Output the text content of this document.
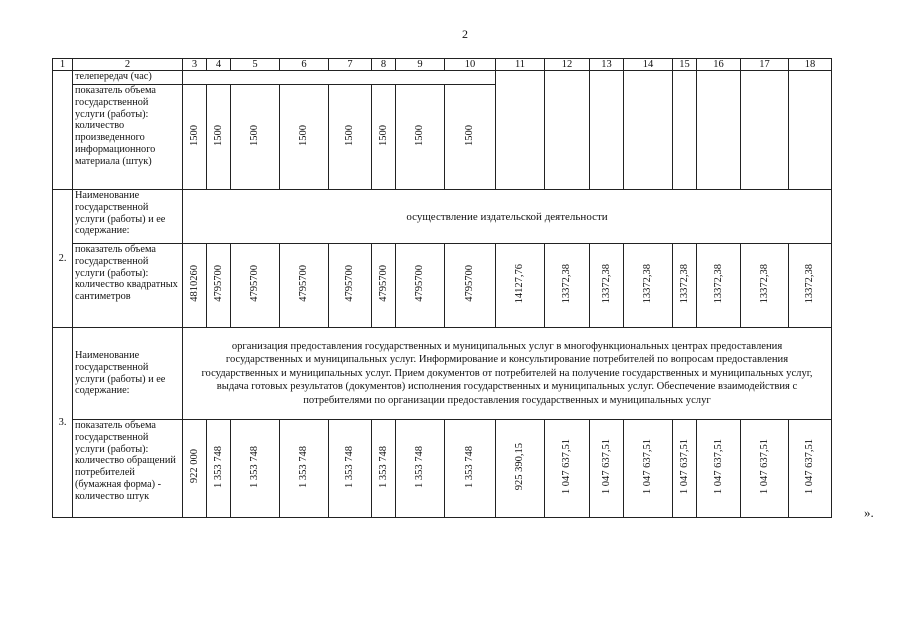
2
1	2	3	4	5	6	7	8	9	10	11	12	13	14	15	16	17	18
	телепередач (час)																
	показатель объема государственной услуги (работы): количество произведенного информационного материала (штук)	1500	1500	1500	1500	1500	1500	1500	1500								
2.	Наименование государственной услуги (работы) и ее содержание:	осуществление издательской деятельности															
	показатель объема государственной услуги (работы): количество квадратных сантиметров	4810260	4795700	4795700	4795700	4795700	4795700	4795700	4795700	14127,76	13372,38	13372,38	13372,38	13372,38	13372,38	13372,38	13372,38
3.	Наименование государственной услуги (работы) и ее содержание:	организация предоставления государственных и муниципальных услуг в многофункциональных центрах предоставления государственных и муниципальных услуг. Информирование и консультирование потребителей по вопросам предоставления государственных и муниципальных услуг. Прием документов от потребителей на получение государственных и муниципальных услуг, выдача готовых результатов (документов) исполнения государственных и муниципальных услуг. Обеспечение взаимодействия с потребителями по организации предоставления государственных и муниципальных услуг															
	показатель объема государственной услуги (работы): количество обращений потребителей (бумажная форма) - количество штук	922 000	1 353 748	1 353 748	1 353 748	1 353 748	1 353 748	1 353 748	1 353 748	925 390,15	1 047 637,51	1 047 637,51	1 047 637,51	1 047 637,51	1 047 637,51	1 047 637,51	1 047 637,51
».
